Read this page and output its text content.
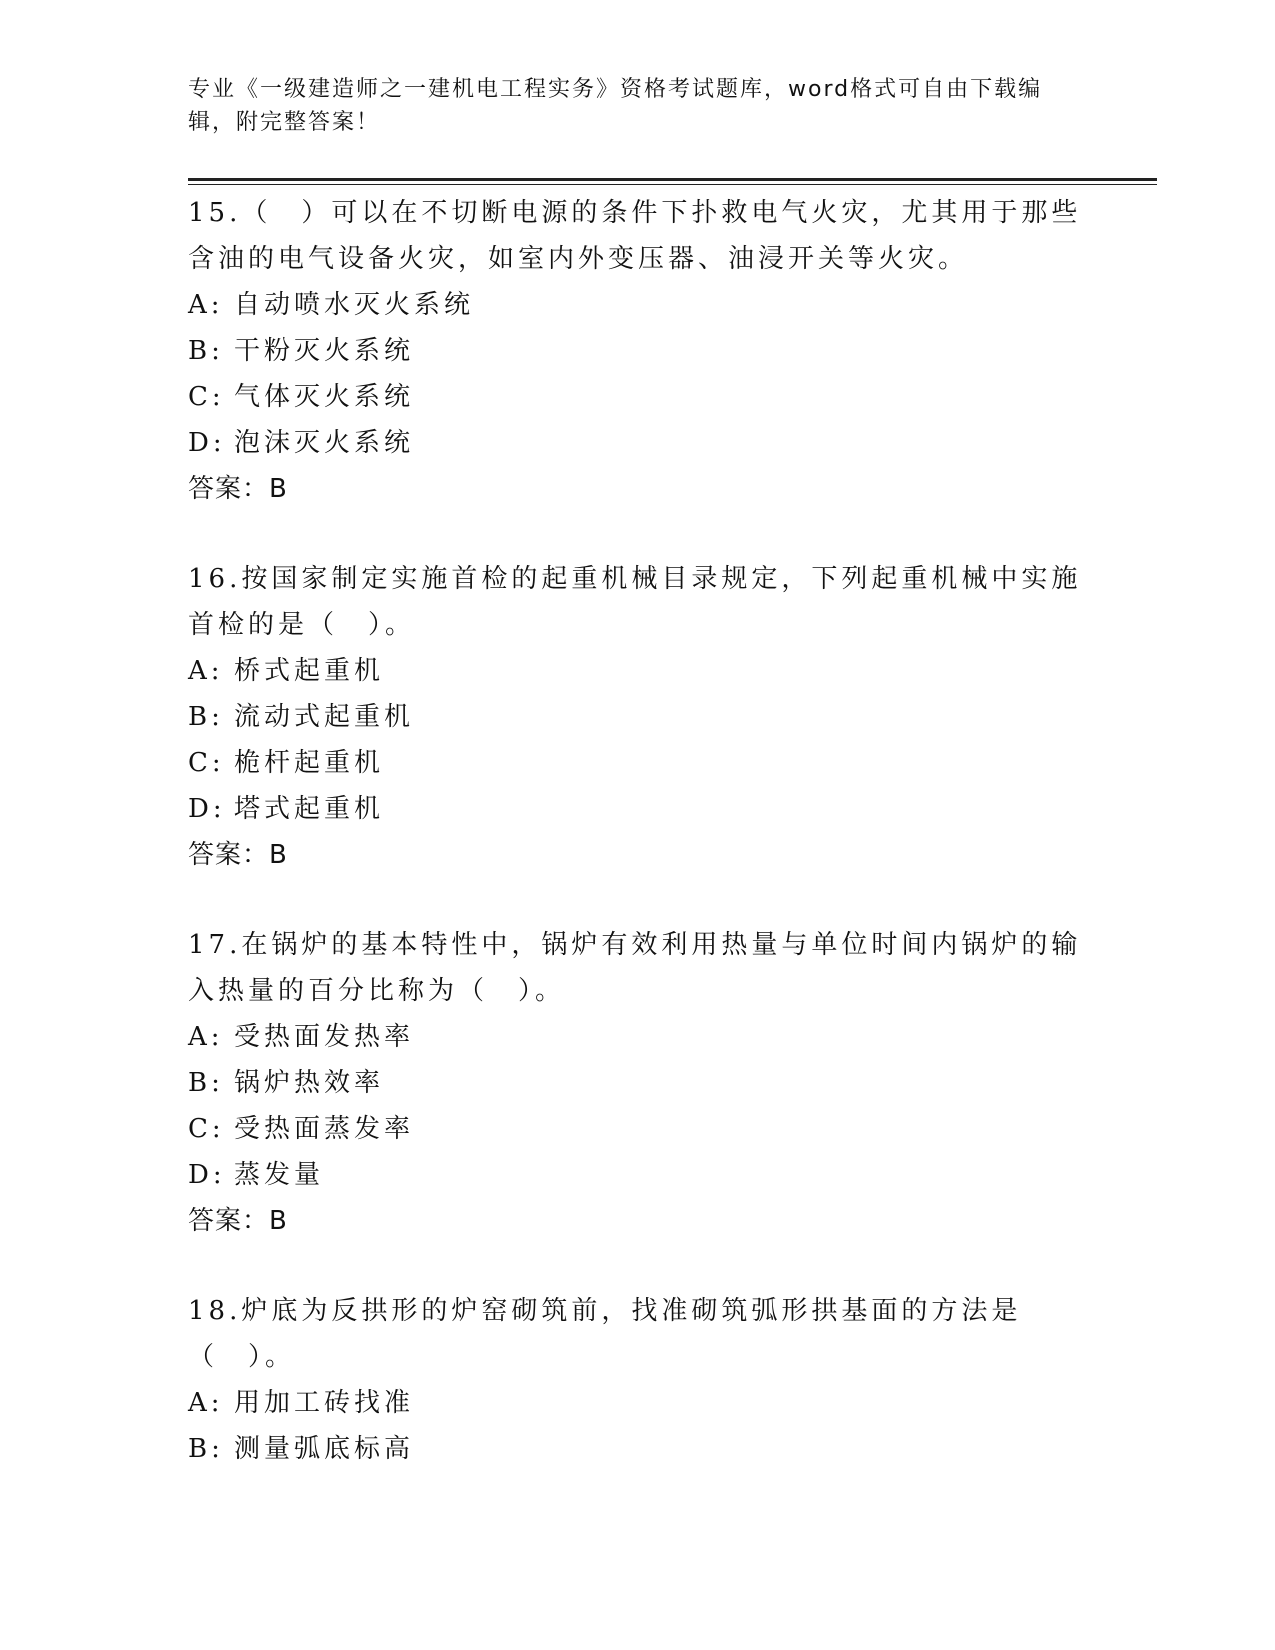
专业《一级建造师之一建机电工程实务》资格考试题库，word格式可自由下载编辑，附完整答案！

15.（　）可以在不切断电源的条件下扑救电气火灾，尤其用于那些含油的电气设备火灾，如室内外变压器、油浸开关等火灾。

A: 自动喷水灭火系统
B: 干粉灭火系统
C: 气体灭火系统
D: 泡沫灭火系统
答案：B

16.按国家制定实施首检的起重机械目录规定，下列起重机械中实施首检的是（　）。

A: 桥式起重机
B: 流动式起重机
C: 桅杆起重机
D: 塔式起重机
答案：B

17.在锅炉的基本特性中，锅炉有效利用热量与单位时间内锅炉的输入热量的百分比称为（　）。

A: 受热面发热率
B: 锅炉热效率
C: 受热面蒸发率
D: 蒸发量
答案：B

18.炉底为反拱形的炉窑砌筑前，找准砌筑弧形拱基面的方法是（　）。

A: 用加工砖找准
B: 测量弧底标高
